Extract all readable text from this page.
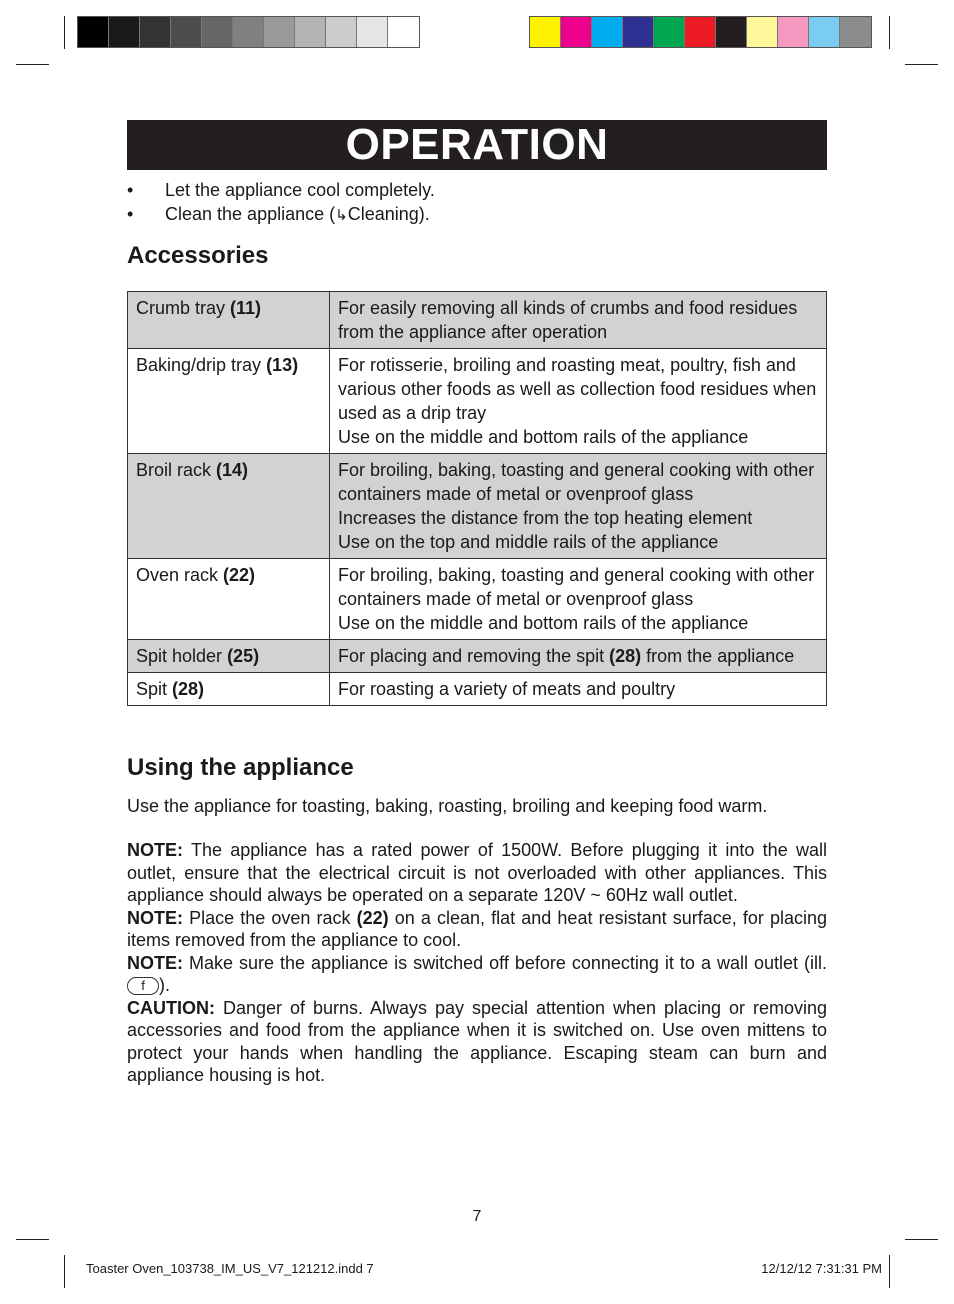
OPERATION
• Let the appliance cool completely.
• Clean the appliance (↳Cleaning).
Accessories
Crumb tray (11)	For easily removing all kinds of crumbs and food residues from the appliance after operation

Baking/drip tray (13)	For rotisserie, broiling and roasting meat, poultry, fish and various other foods as well as collection food residues when used as a drip tray
Use on the middle and bottom rails of the appliance

Broil rack (14)	For broiling, baking, toasting and general cooking with other containers made of metal or ovenproof glass
Increases the distance from the top heating element
Use on the top and middle rails of the appliance

Oven rack (22)	For broiling, baking, toasting and general cooking with other containers made of metal or ovenproof glass
Use on the middle and bottom rails of the appliance

Spit holder (25)	For placing and removing the spit (28) from the appliance
Spit (28)	For roasting a variety of meats and poultry
Using the appliance
Use the appliance for toasting, baking, roasting, broiling and keeping food warm.

NOTE: The appliance has a rated power of 1500W. Before plugging it into the wall outlet, ensure that the electrical circuit is not overloaded with other appliances. This appliance should always be operated on a separate 120V ~ 60Hz wall outlet.

NOTE: Place the oven rack (22) on a clean, flat and heat resistant surface, for placing items removed from the appliance to cool.

NOTE: Make sure the appliance is switched off before connecting it to a wall outlet (ill. f ).

CAUTION: Danger of burns. Always pay special attention when placing or removing accessories and food from the appliance when it is switched on. Use oven mittens to protect your hands when handling the appliance. Escaping steam can burn and appliance housing is hot.

7
Toaster Oven_103738_IM_US_V7_121212.indd 7	12/12/12 7:31:31 PM
